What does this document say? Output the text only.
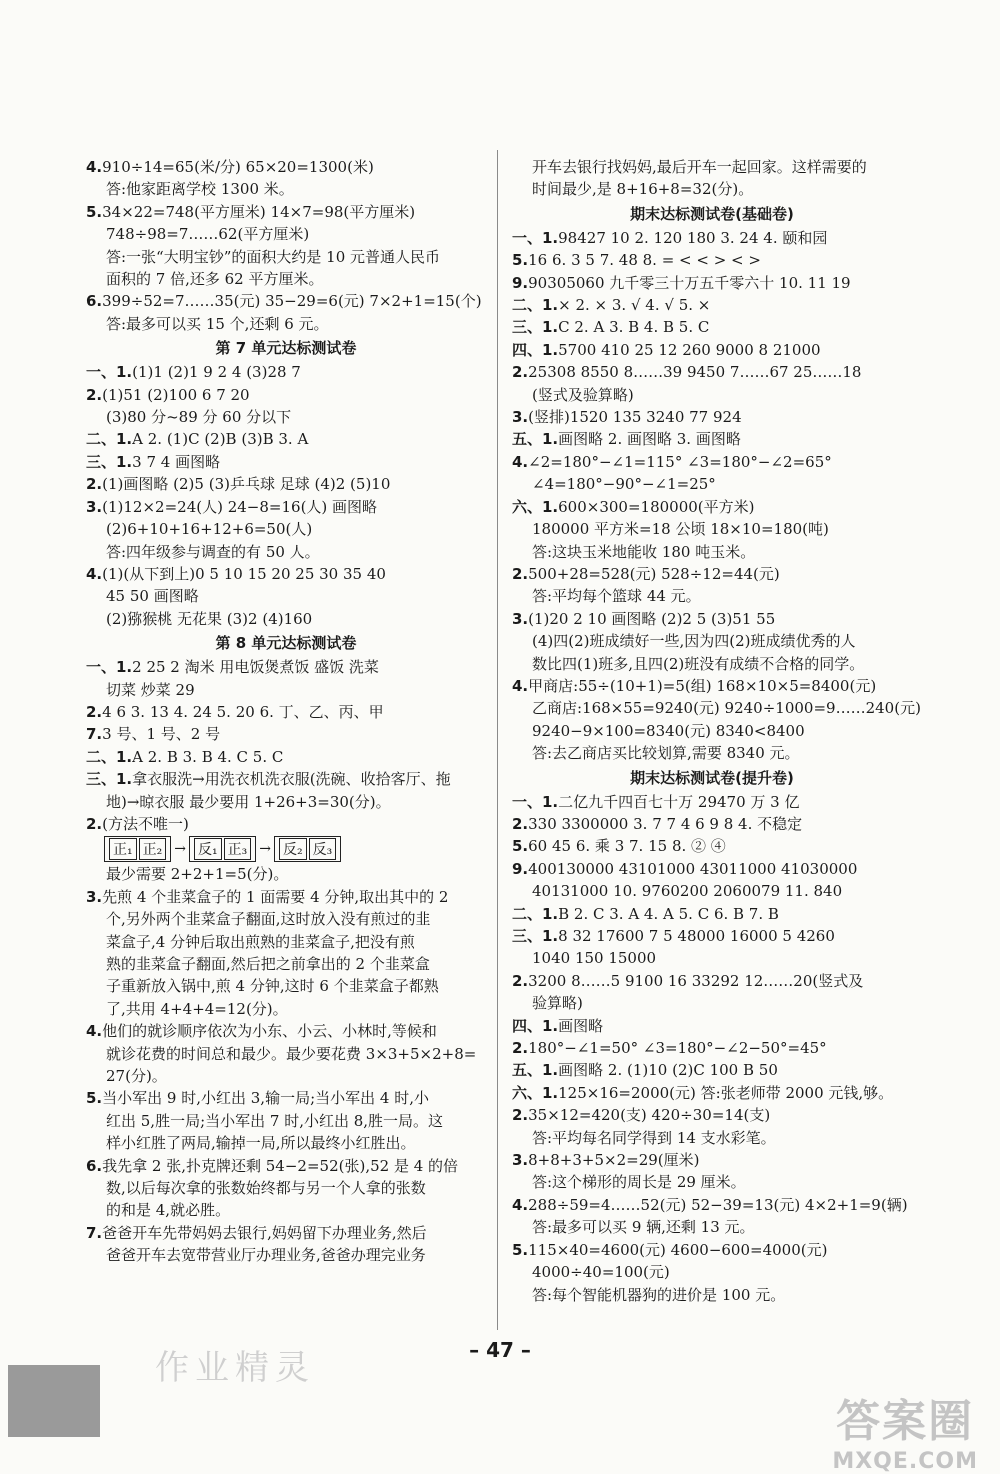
4.910÷14=65(米/分) 65×20=1300(米)
答:他家距离学校 1300 米。
5.34×22=748(平方厘米) 14×7=98(平方厘米)
748÷98=7……62(平方厘米)
答:一张“大明宝钞”的面积大约是 10 元普通人民币
面积的 7 倍,还多 62 平方厘米。
6.399÷52=7……35(元) 35−29=6(元) 7×2+1=15(个)
答:最多可以买 15 个,还剩 6 元。
第 7 单元达标测试卷
一、1.(1)1 (2)1 9 2 4 (3)28 7
2.(1)51 (2)100 6 7 20
(3)80 分~89 分 60 分以下
二、1.A 2. (1)C (2)B (3)B 3. A
三、1.3 7 4 画图略
2.(1)画图略 (2)5 (3)乒乓球 足球 (4)2 (5)10
3.(1)12×2=24(人) 24−8=16(人) 画图略
(2)6+10+16+12+6=50(人)
答:四年级参与调查的有 50 人。
4.(1)(从下到上)0 5 10 15 20 25 30 35 40
45 50 画图略
(2)猕猴桃 无花果 (3)2 (4)160
第 8 单元达标测试卷
一、1.2 25 2 淘米 用电饭煲煮饭 盛饭 洗菜
切菜 炒菜 29
2.4 6 3. 13 4. 24 5. 20 6. 丁、乙、丙、甲
7.3 号、1 号、2 号
二、1.A 2. B 3. B 4. C 5. C
三、1.拿衣服洗→用洗衣机洗衣服(洗碗、收拾客厅、拖
地)→晾衣服 最少要用 1+26+3=30(分)。
2.(方法不唯一)
正₁ 正₂ → 反₁ 正₃ → 反₂ 反₃
最少需要 2+2+1=5(分)。
3.先煎 4 个韭菜盒子的 1 面需要 4 分钟,取出其中的 2
个,另外两个韭菜盒子翻面,这时放入没有煎过的韭
菜盒子,4 分钟后取出煎熟的韭菜盒子,把没有煎
熟的韭菜盒子翻面,然后把之前拿出的 2 个韭菜盒
子重新放入锅中,煎 4 分钟,这时 6 个韭菜盒子都熟
了,共用 4+4+4=12(分)。
4.他们的就诊顺序依次为小东、小云、小林时,等候和
就诊花费的时间总和最少。最少要花费 3×3+5×2+8=
27(分)。
5.当小军出 9 时,小红出 3,输一局;当小军出 4 时,小
红出 5,胜一局;当小军出 7 时,小红出 8,胜一局。这
样小红胜了两局,输掉一局,所以最终小红胜出。
6.我先拿 2 张,扑克牌还剩 54−2=52(张),52 是 4 的倍
数,以后每次拿的张数始终都与另一个人拿的张数
的和是 4,就必胜。
7.爸爸开车先带妈妈去银行,妈妈留下办理业务,然后
爸爸开车去宽带营业厅办理业务,爸爸办理完业务
开车去银行找妈妈,最后开车一起回家。这样需要的
时间最少,是 8+16+8=32(分)。
期末达标测试卷(基础卷)
一、1.98427 10 2. 120 180 3. 24 4. 颐和园
5.16 6. 3 5 7. 48 8. = < < > < >
9.90305060 九千零三十万五千零六十 10. 11 19
二、1.× 2. × 3. √ 4. √ 5. ×
三、1.C 2. A 3. B 4. B 5. C
四、1.5700 410 25 12 260 9000 8 21000
2.25308 8550 8……39 9450 7……67 25……18
(竖式及验算略)
3.(竖排)1520 135 3240 77 924
五、1.画图略 2. 画图略 3. 画图略
4.∠2=180°−∠1=115° ∠3=180°−∠2=65°
∠4=180°−90°−∠1=25°
六、1.600×300=180000(平方米)
180000 平方米=18 公顷 18×10=180(吨)
答:这块玉米地能收 180 吨玉米。
2.500+28=528(元) 528÷12=44(元)
答:平均每个篮球 44 元。
3.(1)20 2 10 画图略 (2)2 5 (3)51 55
(4)四(2)班成绩好一些,因为四(2)班成绩优秀的人
数比四(1)班多,且四(2)班没有成绩不合格的同学。
4.甲商店:55÷(10+1)=5(组) 168×10×5=8400(元)
乙商店:168×55=9240(元) 9240÷1000=9……240(元)
9240−9×100=8340(元) 8340<8400
答:去乙商店买比较划算,需要 8340 元。
期末达标测试卷(提升卷)
一、1.二亿九千四百七十万 29470 万 3 亿
2.330 3300000 3. 7 7 4 6 9 8 4. 不稳定
5.60 45 6. 乘 3 7. 15 8. ② ④
9.400130000 43101000 43011000 41030000
40131000 10. 9760200 2060079 11. 840
二、1.B 2. C 3. A 4. A 5. C 6. B 7. B
三、1.8 32 17600 7 5 48000 16000 5 4260
1040 150 15000
2.3200 8……5 9100 16 33292 12……20(竖式及
验算略)
四、1.画图略
2.180°−∠1=50° ∠3=180°−∠2−50°=45°
五、1.画图略 2. (1)10 (2)C 100 B 50
六、1.125×16=2000(元) 答:张老师带 2000 元钱,够。
2.35×12=420(支) 420÷30=14(支)
答:平均每名同学得到 14 支水彩笔。
3.8+8+3+5×2=29(厘米)
答:这个梯形的周长是 29 厘米。
4.288÷59=4……52(元) 52−39=13(元) 4×2+1=9(辆)
答:最多可以买 9 辆,还剩 13 元。
5.115×40=4600(元) 4600−600=4000(元)
4000÷40=100(元)
答:每个智能机器狗的进价是 100 元。
– 47 –
作业精灵
答案圈
MXQE.COM
